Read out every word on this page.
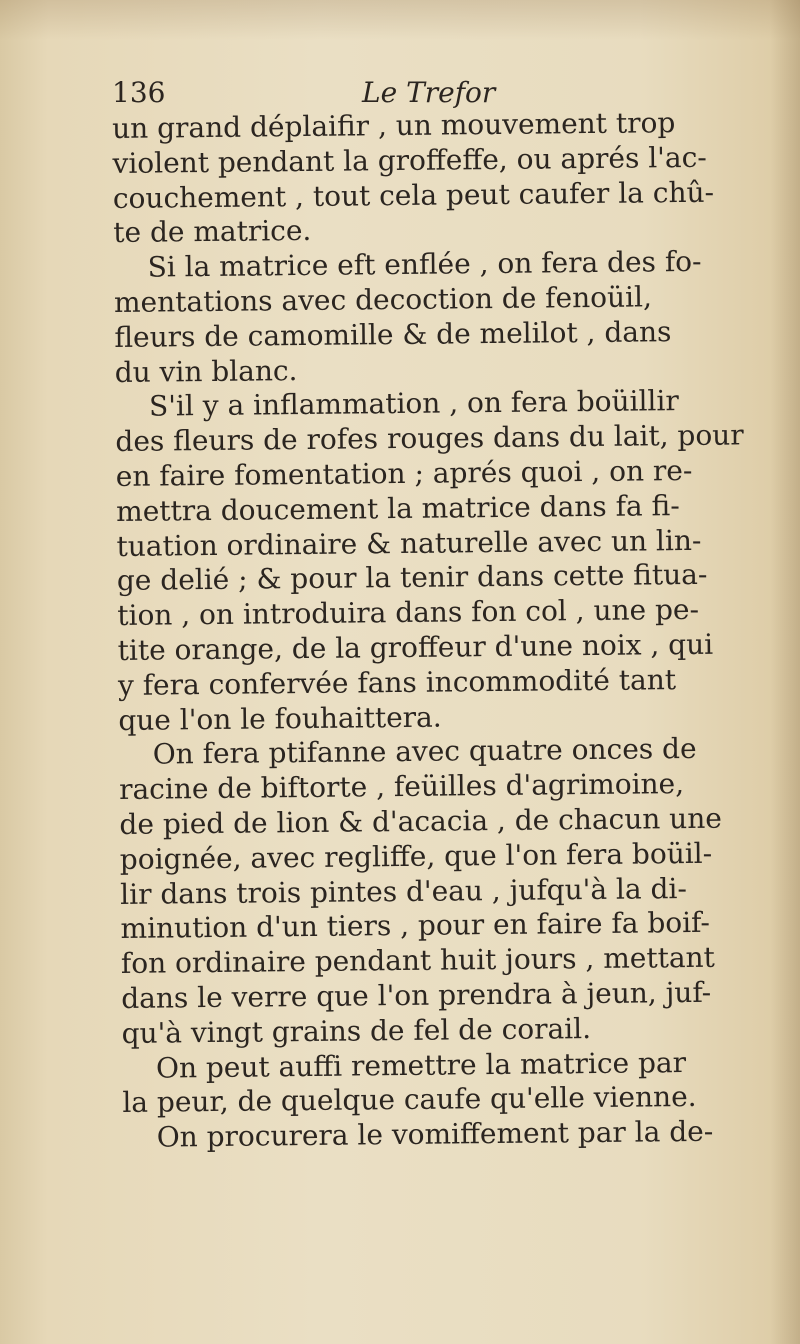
136	Le Trefor
un grand déplaifir , un mouvement trop
violent pendant la groffeffe, ou aprés l'ac-
couchement , tout cela peut caufer la chû-
te de matrice.
Si la matrice eft enflée , on fera des fo-
mentations avec decoction de fenoüil,
fleurs de camomille & de melilot , dans
du vin blanc.
S'il y a inflammation , on fera boüillir
des fleurs de rofes rouges dans du lait, pour
en faire fomentation ; aprés quoi , on re-
mettra doucement la matrice dans fa fi-
tuation ordinaire & naturelle avec un lin-
ge delié ; & pour la tenir dans cette fitua-
tion , on introduira dans fon col , une pe-
tite orange, de la groffeur d'une noix , qui
y fera confervée fans incommodité tant
que l'on le fouhaittera.
On fera ptifanne avec quatre onces de
racine de biftorte , feüilles d'agrimoine,
de pied de lion & d'acacia , de chacun une
poignée, avec regliffe, que l'on fera boüil-
lir dans trois pintes d'eau , jufqu'à la di-
minution d'un tiers , pour en faire fa boif-
fon ordinaire pendant huit jours , mettant
dans le verre que l'on prendra à jeun, juf-
qu'à vingt grains de fel de corail.
On peut auffi remettre la matrice par
la peur, de quelque caufe qu'elle vienne.
On procurera le vomiffement par la de-
